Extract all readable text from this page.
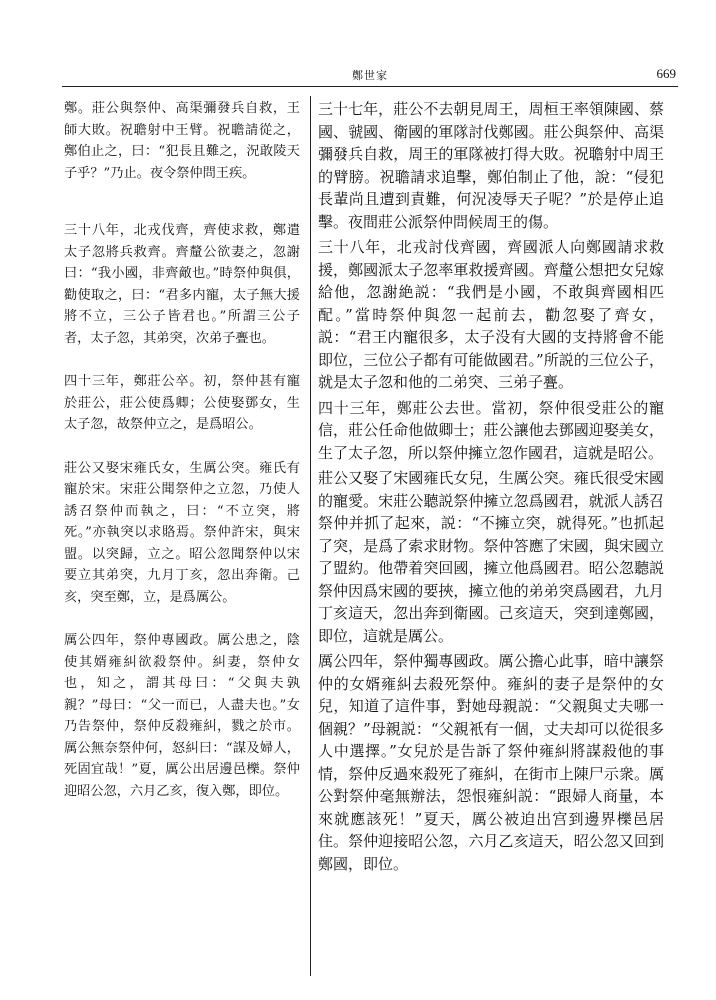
鄭世家	669

鄭。莊公與祭仲、高渠彌發兵自救，王師大敗。祝聸射中王臂。祝聸請從之，鄭伯止之，曰：“犯長且難之，況敢陵天子乎？”乃止。夜令祭仲問王疾。

三十八年，北戎伐齊，齊使求救，鄭遣太子忽將兵救齊。齊釐公欲妻之，忽謝曰：“我小國，非齊敵也。”時祭仲與俱，勸使取之，曰：“君多内寵，太子無大援將不立，三公子皆君也。”所謂三公子者，太子忽，其弟突，次弟子亹也。

四十三年，鄭莊公卒。初，祭仲甚有寵於莊公，莊公使爲卿；公使娶鄧女，生太子忽，故祭仲立之，是爲昭公。

莊公又娶宋雍氏女，生厲公突。雍氏有寵於宋。宋莊公聞祭仲之立忽，乃使人誘召祭仲而執之，曰：“不立突，將死。”亦執突以求賂焉。祭仲許宋，與宋盟。以突歸，立之。昭公忽聞祭仲以宋要立其弟突，九月丁亥，忽出奔衛。己亥，突至鄭，立，是爲厲公。

厲公四年，祭仲專國政。厲公患之，陰使其婿雍糾欲殺祭仲。糾妻，祭仲女也，知之，謂其母曰：“父與夫孰親？”母曰：“父一而已，人盡夫也。”女乃告祭仲，祭仲反殺雍糾，戮之於市。厲公無奈祭仲何，怒糾曰：“謀及婦人，死固宜哉！”夏，厲公出居邊邑櫟。祭仲迎昭公忽，六月乙亥，復入鄭，即位。

三十七年，莊公不去朝見周王，周桓王率領陳國、蔡國、虢國、衛國的軍隊討伐鄭國。莊公與祭仲、高渠彌發兵自救，周王的軍隊被打得大敗。祝聸射中周王的臂膀。祝聸請求追擊，鄭伯制止了他，說：“侵犯長輩尚且遭到責難，何況凌辱天子呢？”於是停止追擊。夜間莊公派祭仲問候周王的傷。

三十八年，北戎討伐齊國，齊國派人向鄭國請求救援，鄭國派太子忽率軍救援齊國。齊釐公想把女兒嫁給他，忽謝絶説：“我們是小國，不敢與齊國相匹配。”當時祭仲與忽一起前去，勸忽娶了齊女，説：“君王内寵很多，太子没有大國的支持將會不能即位，三位公子都有可能做國君。”所説的三位公子，就是太子忽和他的二弟突、三弟子亹。

四十三年，鄭莊公去世。當初，祭仲很受莊公的寵信，莊公任命他做卿士；莊公讓他去鄧國迎娶美女，生了太子忽，所以祭仲擁立忽作國君，這就是昭公。

莊公又娶了宋國雍氏女兒，生厲公突。雍氏很受宋國的寵愛。宋莊公聽説祭仲擁立忽爲國君，就派人誘召祭仲并抓了起來，説：“不擁立突，就得死。”也抓起了突，是爲了索求財物。祭仲答應了宋國，與宋國立了盟約。他帶着突回國，擁立他爲國君。昭公忽聽説祭仲因爲宋國的要挾，擁立他的弟弟突爲國君，九月丁亥這天，忽出奔到衛國。己亥這天，突到達鄭國，即位，這就是厲公。

厲公四年，祭仲獨專國政。厲公擔心此事，暗中讓祭仲的女婿雍糾去殺死祭仲。雍糾的妻子是祭仲的女兒，知道了這件事，對她母親説：“父親與丈夫哪一個親？”母親説：“父親衹有一個，丈夫却可以從很多人中選擇。”女兒於是告訴了祭仲雍糾將謀殺他的事情，祭仲反過來殺死了雍糾，在街市上陳尸示衆。厲公對祭仲毫無辦法，怨恨雍糾説：“跟婦人商量，本來就應該死！”夏天，厲公被迫出宫到邊界櫟邑居住。祭仲迎接昭公忽，六月乙亥這天，昭公忽又回到鄭國，即位。
